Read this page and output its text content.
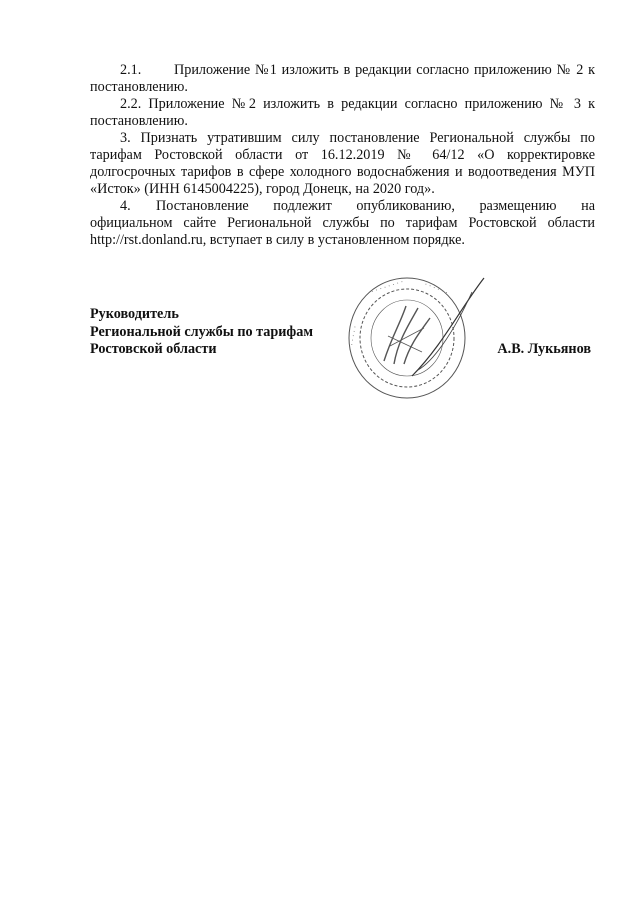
2.1. Приложение №1 изложить в редакции согласно приложению № 2 к постановлению.

2.2. Приложение №2 изложить в редакции согласно приложению № 3 к постановлению.

3. Признать утратившим силу постановление Региональной службы по тарифам Ростовской области от 16.12.2019 № 64/12 «О корректировке долгосрочных тарифов в сфере холодного водоснабжения и водоотведения МУП «Исток» (ИНН 6145004225), город Донецк, на 2020 год».

4. Постановление подлежит опубликованию, размещению на официальном сайте Региональной службы по тарифам Ростовской области http://rst.donland.ru, вступает в силу в установленном порядке.

· · · · · · · ·	· · · · · ·
· · · · ·
Руководитель
Региональной службы по тарифам
Ростовской области	А.В. Лукьянов
